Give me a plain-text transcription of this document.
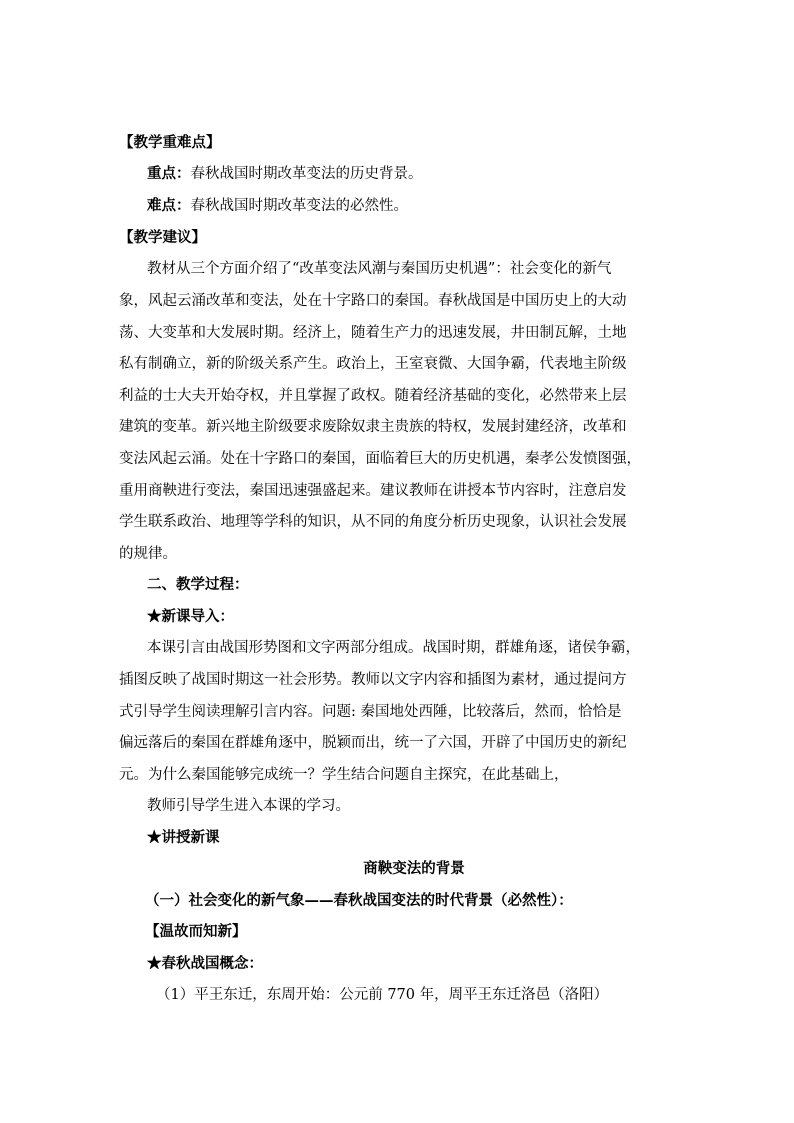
【教学重难点】
重点：春秋战国时期改革变法的历史背景。
难点：春秋战国时期改革变法的必然性。
【教学建议】
教材从三个方面介绍了“改革变法风潮与秦国历史机遇”：社会变化的新气
象，风起云涌改革和变法，处在十字路口的秦国。春秋战国是中国历史上的大动
荡、大变革和大发展时期。经济上，随着生产力的迅速发展，井田制瓦解，土地
私有制确立，新的阶级关系产生。政治上，王室衰微、大国争霸，代表地主阶级
利益的士大夫开始夺权，并且掌握了政权。随着经济基础的变化，必然带来上层
建筑的变革。新兴地主阶级要求废除奴隶主贵族的特权，发展封建经济，改革和
变法风起云涌。处在十字路口的秦国，面临着巨大的历史机遇，秦孝公发愤图强，
重用商鞅进行变法，秦国迅速强盛起来。建议教师在讲授本节内容时，注意启发
学生联系政治、地理等学科的知识，从不同的角度分析历史现象，认识社会发展
的规律。
二、教学过程：
★新课导入：
本课引言由战国形势图和文字两部分组成。战国时期，群雄角逐，诸侯争霸，
插图反映了战国时期这一社会形势。教师以文字内容和插图为素材，通过提问方
式引导学生阅读理解引言内容。问题: 秦国地处西陲，比较落后，然而，恰恰是
偏远落后的秦国在群雄角逐中，脱颖而出，统一了六国，开辟了中国历史的新纪
元。为什么秦国能够完成统一？学生结合问题自主探究，在此基础上，
教师引导学生进入本课的学习。
★讲授新课
商鞅变法的背景
（一）社会变化的新气象——春秋战国变法的时代背景（必然性）：
【温故而知新】
★春秋战国概念：
（1）平王东迁，东周开始：公元前 770 年，周平王东迁洛邑（洛阳）
